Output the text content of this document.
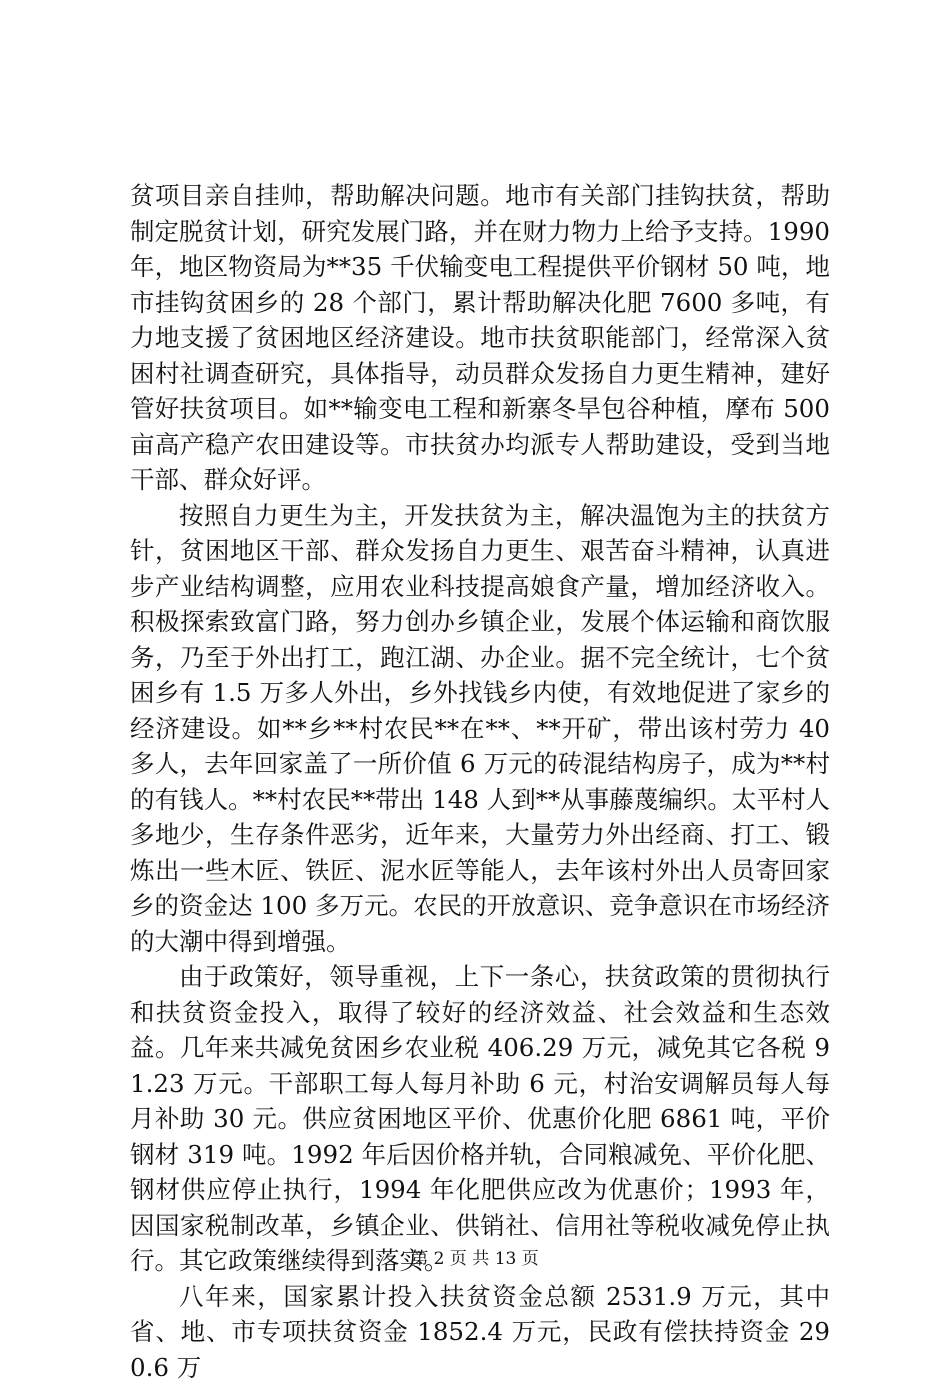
贫项目亲自挂帅，帮助解决问题。地市有关部门挂钩扶贫，帮助制定脱贫计划，研究发展门路，并在财力物力上给予支持。1990 年，地区物资局为**35 千伏输变电工程提供平价钢材 50 吨，地市挂钩贫困乡的 28 个部门，累计帮助解决化肥 7600 多吨，有力地支援了贫困地区经济建设。地市扶贫职能部门，经常深入贫困村社调查研究，具体指导，动员群众发扬自力更生精神，建好管好扶贫项目。如**输变电工程和新寨冬旱包谷种植，摩布 500 亩高产稳产农田建设等。市扶贫办均派专人帮助建设，受到当地干部、群众好评。

按照自力更生为主，开发扶贫为主，解决温饱为主的扶贫方针，贫困地区干部、群众发扬自力更生、艰苦奋斗精神，认真进步产业结构调整，应用农业科技提高娘食产量，增加经济收入。积极探索致富门路，努力创办乡镇企业，发展个体运输和商饮服务，乃至于外出打工，跑江湖、办企业。据不完全统计，七个贫困乡有 1.5 万多人外出，乡外找钱乡内使，有效地促进了家乡的经济建设。如**乡**村农民**在**、**开矿，带出该村劳力 40 多人，去年回家盖了一所价值 6 万元的砖混结构房子，成为**村的有钱人。**村农民**带出 148 人到**从事藤蔑编织。太平村人多地少，生存条件恶劣，近年来，大量劳力外出经商、打工、锻炼出一些木匠、铁匠、泥水匠等能人，去年该村外出人员寄回家乡的资金达 100 多万元。农民的开放意识、竞争意识在市场经济的大潮中得到增强。

由于政策好，领导重视，上下一条心，扶贫政策的贯彻执行和扶贫资金投入，取得了较好的经济效益、社会效益和生态效益。几年来共减免贫困乡农业税 406.29 万元，减免其它各税 91.23 万元。干部职工每人每月补助 6 元，村治安调解员每人每月补助 30 元。供应贫困地区平价、优惠价化肥 6861 吨，平价钢材 319 吨。1992 年后因价格并轨，合同粮减免、平价化肥、钢材供应停止执行，1994 年化肥供应改为优惠价；1993 年，因国家税制改革，乡镇企业、供销社、信用社等税收减免停止执行。其它政策继续得到落实。

八年来，国家累计投入扶贫资金总额 2531.9 万元，其中省、地、市专项扶贫资金 1852.4 万元，民政有偿扶持资金 290.6 万

第 2 页 共 13 页
